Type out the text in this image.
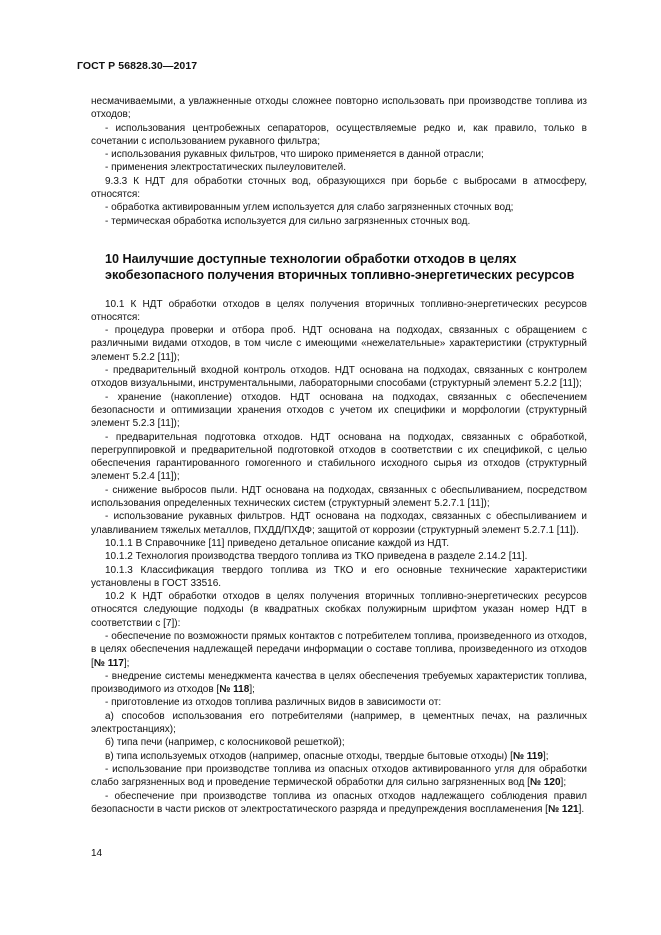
ГОСТ Р 56828.30—2017

несмачиваемыми, а увлажненные отходы сложнее повторно использовать при производстве топлива из отходов;

- использования центробежных сепараторов, осуществляемые редко и, как правило, только в сочетании с использованием рукавного фильтра;

- использования рукавных фильтров, что широко применяется в данной отрасли;

- применения электростатических пылеуловителей.

9.3.3 К НДТ для обработки сточных вод, образующихся при борьбе с выбросами в атмосферу, относятся:

- обработка активированным углем используется для слабо загрязненных сточных вод;

- термическая обработка используется для сильно загрязненных сточных вод.

10 Наилучшие доступные технологии обработки отходов в целях
экобезопасного получения вторичных топливно-энергетических ресурсов

10.1 К НДТ обработки отходов в целях получения вторичных топливно-энергетических ресурсов относятся:

- процедура проверки и отбора проб. НДТ основана на подходах, связанных с обращением с различными видами отходов, в том числе с имеющими «нежелательные» характеристики (структурный элемент 5.2.2 [11]);

- предварительный входной контроль отходов. НДТ основана на подходах, связанных с контролем отходов визуальными, инструментальными, лабораторными способами (структурный элемент 5.2.2 [11]);

- хранение (накопление) отходов. НДТ основана на подходах, связанных с обеспечением безопасности и оптимизации хранения отходов с учетом их специфики и морфологии (структурный элемент 5.2.3 [11]);

- предварительная подготовка отходов. НДТ основана на подходах, связанных с обработкой, перегруппировкой и предварительной подготовкой отходов в соответствии с их спецификой, с целью обеспечения гарантированного гомогенного и стабильного исходного сырья из отходов (структурный элемент 5.2.4 [11]);

- снижение выбросов пыли. НДТ основана на подходах, связанных с обеспыливанием, посредством использования определенных технических систем (структурный элемент 5.2.7.1 [11]);

- использование рукавных фильтров. НДТ основана на подходах, связанных с обеспыливанием и улавливанием тяжелых металлов, ПХДД/ПХДФ; защитой от коррозии (структурный элемент 5.2.7.1 [11]).

10.1.1 В Справочнике [11] приведено детальное описание каждой из НДТ.

10.1.2 Технология производства твердого топлива из ТКО приведена в разделе 2.14.2 [11].

10.1.3 Классификация твердого топлива из ТКО и его основные технические характеристики установлены в ГОСТ 33516.

10.2 К НДТ обработки отходов в целях получения вторичных топливно-энергетических ресурсов относятся следующие подходы (в квадратных скобках полужирным шрифтом указан номер НДТ в соответствии с [7]):

- обеспечение по возможности прямых контактов с потребителем топлива, произведенного из отходов, в целях обеспечения надлежащей передачи информации о составе топлива, произведенного из отходов [№ 117];

- внедрение системы менеджмента качества в целях обеспечения требуемых характеристик топлива, производимого из отходов [№ 118];

- приготовление из отходов топлива различных видов в зависимости от:

а) способов использования его потребителями (например, в цементных печах, на различных электростанциях);

б) типа печи (например, с колосниковой решеткой);

в) типа используемых отходов (например, опасные отходы, твердые бытовые отходы) [№ 119];

- использование при производстве топлива из опасных отходов активированного угля для обработки слабо загрязненных вод и проведение термической обработки для сильно загрязненных вод [№ 120];

- обеспечение при производстве топлива из опасных отходов надлежащего соблюдения правил безопасности в части рисков от электростатического разряда и предупреждения воспламенения [№ 121].

14
